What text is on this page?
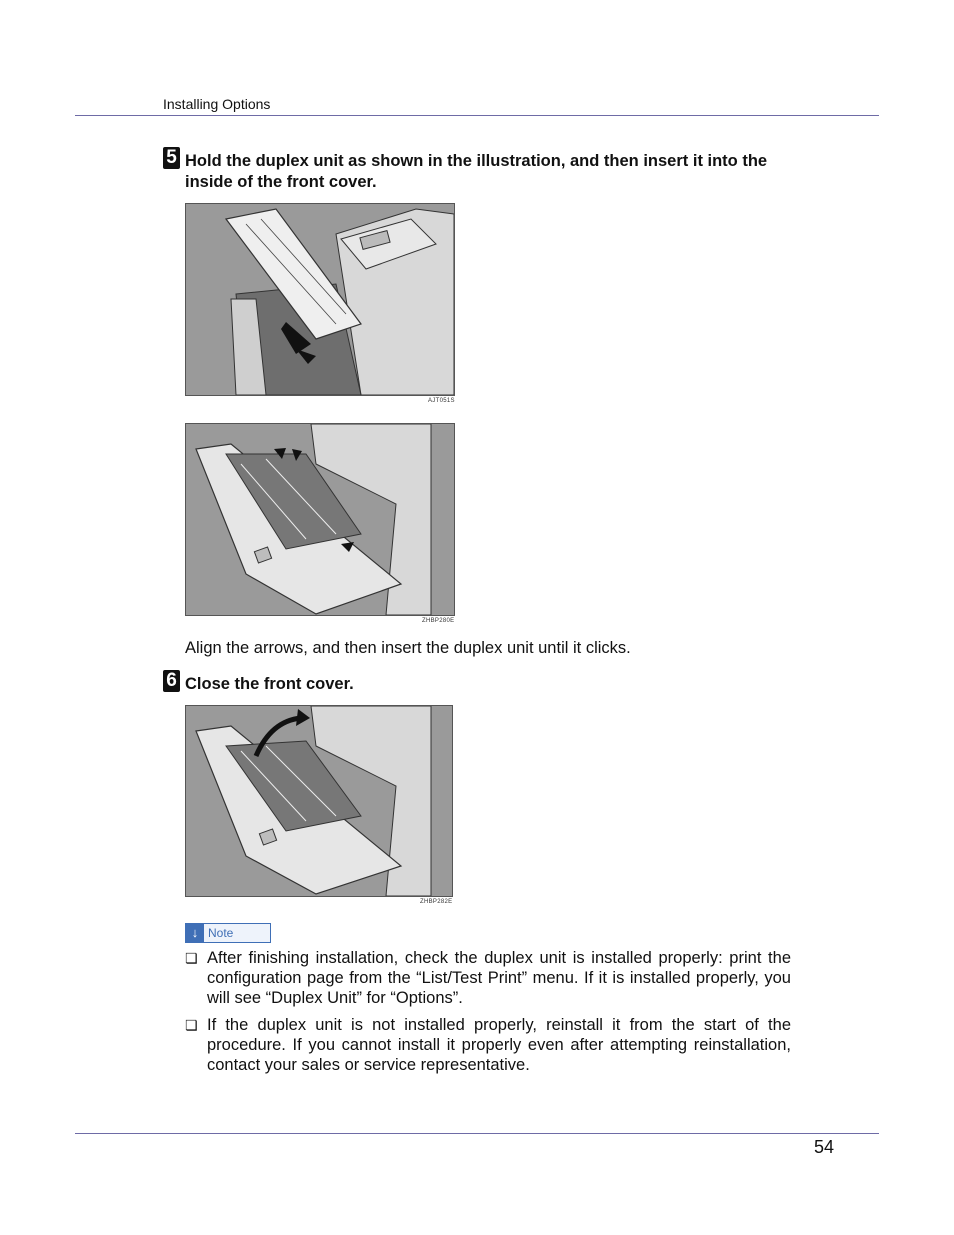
Installing Options
5 Hold the duplex unit as shown in the illustration, and then insert it into the inside of the front cover.
AJT051S
ZHBP280E
Align the arrows, and then insert the duplex unit until it clicks.
6 Close the front cover.
ZHBP282E
↓ Note
❏ After finishing installation, check the duplex unit is installed properly: print the configuration page from the “List/Test Print” menu. If it is installed properly, you will see “Duplex Unit” for “Options”.
❏ If the duplex unit is not installed properly, reinstall it from the start of the procedure. If you cannot install it properly even after attempting reinstallation, contact your sales or service representative.
54
